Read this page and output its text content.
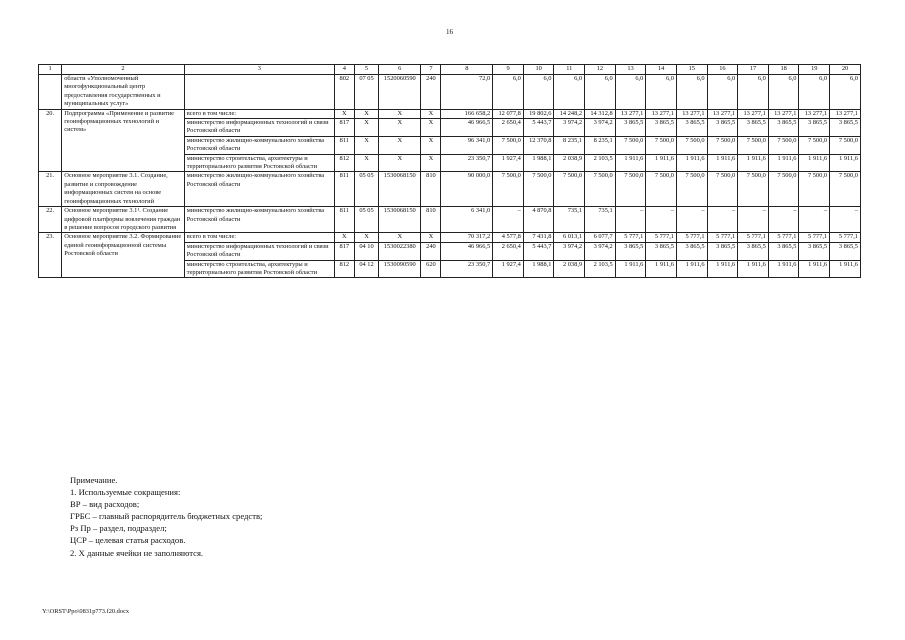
16
1	2	3	4	5	6	7	8	9	10	11	12	13	14	15	16	17	18	19	20
	области «Уполномоченный многофункциональный центр предоставления государственных и муниципальных услуг»		802	07 05	1520060590	240	72,0	6,0	6,0	6,0	6,0	6,0	6,0	6,0	6,0	6,0	6,0	6,0	6,0
20.	Подпрограмма «Применение и развитие геоинформационных технологий и систем»	всего в том числе:	Х	Х	Х	Х	166 658,2	12 077,8	19 802,6	14 248,2	14 312,8	13 277,1	13 277,1	13 277,1	13 277,1	13 277,1	13 277,1	13 277,1	13 277,1
		министерство информационных технологий и связи Ростовской области	817	Х	Х	Х	46 966,5	2 650,4	5 443,7	3 974,2	3 974,2	3 865,5	3 865,5	3 865,5	3 865,5	3 865,5	3 865,5	3 865,5	3 865,5
		министерство жилищно-коммунального хозяйства Ростовской области	811	Х	Х	Х	96 341,0	7 500,0	12 370,8	8 235,1	8 235,1	7 500,0	7 500,0	7 500,0	7 500,0	7 500,0	7 500,0	7 500,0	7 500,0
		министерство строительства, архитектуры и территориального развития Ростовской области	812	Х	Х	Х	23 350,7	1 927,4	1 988,1	2 038,9	2 103,5	1 911,6	1 911,6	1 911,6	1 911,6	1 911,6	1 911,6	1 911,6	1 911,6
21.	Основное мероприятие 3.1. Создание, развитие и сопровождение информационных систем на основе геоинформационных технологий	министерство жилищно-коммунального хозяйства Ростовской области	811	05 05	1530068150	810	90 000,0	7 500,0	7 500,0	7 500,0	7 500,0	7 500,0	7 500,0	7 500,0	7 500,0	7 500,0	7 500,0	7 500,0	7 500,0
22.	Основное мероприятие 3.1¹. Создание цифровой платформы вовлечения граждан в решение вопросов городского развития	министерство жилищно-коммунального хозяйства Ростовской области	811	05 05	1530068150	810	6 341,0	–	4 870,8	735,1	735,1	–	–	–	–	–	–	–	–
23.	Основное мероприятие 3.2. Формирование единой геоинформационной системы Ростовской области	всего в том числе:	Х	Х	Х	Х	70 317,2	4 577,8	7 431,8	6 013,1	6 077,7	5 777,1	5 777,1	5 777,1	5 777,1	5 777,1	5 777,1	5 777,1	5 777,1
		министерство информационных технологий и связи Ростовской области	817	04 10	1530022380	240	46 966,5	2 650,4	5 443,7	3 974,2	3 974,2	3 865,5	3 865,5	3 865,5	3 865,5	3 865,5	3 865,5	3 865,5	3 865,5
		министерство строительства, архитектуры и территориального развития Ростовской области	812	04 12	1530090590	620	23 350,7	1 927,4	1 988,1	2 038,9	2 103,5	1 911,6	1 911,6	1 911,6	1 911,6	1 911,6	1 911,6	1 911,6	1 911,6
Примечание.
1. Используемые сокращения:
ВР – вид расходов;
ГРБС – главный распорядитель бюджетных средств;
Рз Пр – раздел, подраздел;
ЦСР – целевая статья расходов.
2. Х данные ячейки не заполняются.
Y:\ORST\Ppo\0831p773.f20.docx
